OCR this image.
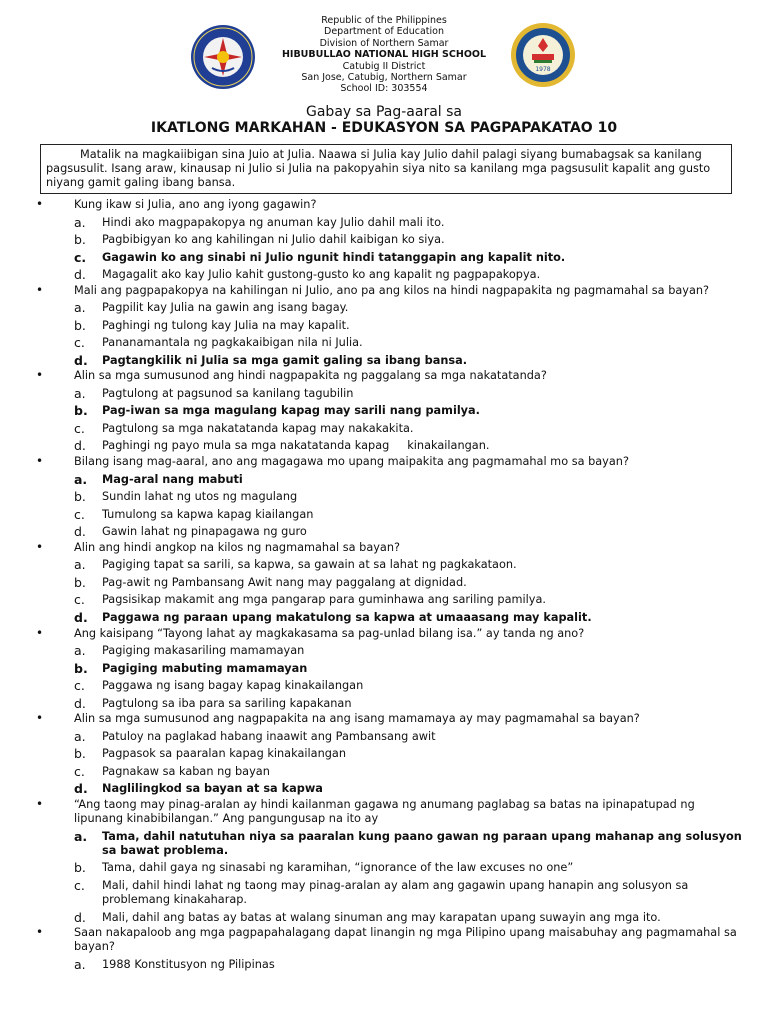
Republic of the Philippines
Department of Education
Division of Northern Samar
HIBUBULLAO NATIONAL HIGH SCHOOL
Catubig II District
San Jose, Catubig, Northern Samar
School ID: 303554
1978
Gabay sa Pag-aaral sa
IKATLONG MARKAHAN - EDUKASYON SA PAGPAPAKATAO 10
Matalik na magkaiibigan sina Juio at Julia. Naawa si Julia kay Julio dahil palagi siyang bumabagsak sa kanilang pagsusulit. Isang araw, kinausap ni Julio si Julia na pakopyahin siya nito sa kanilang mga pagsusulit kapalit ang gusto niyang gamit galing ibang bansa.
•	Kung ikaw si Julia, ano ang iyong gagawin?
a. Hindi ako magpapakopya ng anuman kay Julio dahil mali ito.
b. Pagbibigyan ko ang kahilingan ni Julio dahil kaibigan ko siya.
c. Gagawin ko ang sinabi ni Julio ngunit hindi tatanggapin ang kapalit nito.
d. Magagalit ako kay Julio kahit gustong-gusto ko ang kapalit ng pagpapakopya.
•	Mali ang pagpapakopya na kahilingan ni Julio, ano pa ang kilos na hindi nagpapakita ng pagmamahal sa bayan?
a. Pagpilit kay Julia na gawin ang isang bagay.
b. Paghingi ng tulong kay Julia na may kapalit.
c. Pananamantala ng pagkakaibigan nila ni Julia.
d. Pagtangkilik ni Julia sa mga gamit galing sa ibang bansa.
•	Alin sa mga sumusunod ang hindi nagpapakita ng paggalang sa mga nakatatanda?
a. Pagtulong at pagsunod sa kanilang tagubilin
b. Pag-iwan sa mga magulang kapag may sarili nang pamilya.
c. Pagtulong sa mga nakatatanda kapag may nakakakita.
d. Paghingi ng payo mula sa mga nakatatanda kapag     kinakailangan.
•	Bilang isang mag-aaral, ano ang magagawa mo upang maipakita ang pagmamahal mo sa bayan?
a. Mag-aral nang mabuti
b. Sundin lahat ng utos ng magulang
c. Tumulong sa kapwa kapag kiailangan
d. Gawin lahat ng pinapagawa ng guro
•	Alin ang hindi angkop na kilos ng nagmamahal sa bayan?
a. Pagiging tapat sa sarili, sa kapwa, sa gawain at sa lahat ng pagkakataon.
b. Pag-awit ng Pambansang Awit nang may paggalang at dignidad.
c. Pagsisikap makamit ang mga pangarap para guminhawa ang sariling pamilya.
d. Paggawa ng paraan upang makatulong sa kapwa at umaaasang may kapalit.
•	Ang kaisipang “Tayong lahat ay magkakasama sa pag-unlad bilang isa.” ay tanda ng ano?
a. Pagiging makasariling mamamayan
b. Pagiging mabuting mamamayan
c. Paggawa ng isang bagay kapag kinakailangan
d. Pagtulong sa iba para sa sariling kapakanan
•	Alin sa mga sumusunod ang nagpapakita na ang isang mamamaya ay may pagmamahal sa bayan?
a. Patuloy na paglakad habang inaawit ang Pambansang awit
b. Pagpasok sa paaralan kapag kinakailangan
c. Pagnakaw sa kaban ng bayan
d. Naglilingkod sa bayan at sa kapwa
•	“Ang taong may pinag-aralan ay hindi kailanman gagawa ng anumang paglabag sa batas na ipinapatupad ng lipunang kinabibilangan.” Ang pangungusap na ito ay
a. Tama, dahil natutuhan niya sa paaralan kung paano gawan ng paraan upang mahanap ang solusyon sa bawat problema.
b. Tama, dahil gaya ng sinasabi ng karamihan, “ignorance of the law excuses no one”
c. Mali, dahil hindi lahat ng taong may pinag-aralan ay alam ang gagawin upang hanapin ang solusyon sa problemang kinakaharap.
d. Mali, dahil ang batas ay batas at walang sinuman ang may karapatan upang suwayin ang mga ito.
•	Saan nakapaloob ang mga pagpapahalagang dapat linangin ng mga Pilipino upang maisabuhay ang pagmamahal sa bayan?
a. 1988 Konstitusyon ng Pilipinas
